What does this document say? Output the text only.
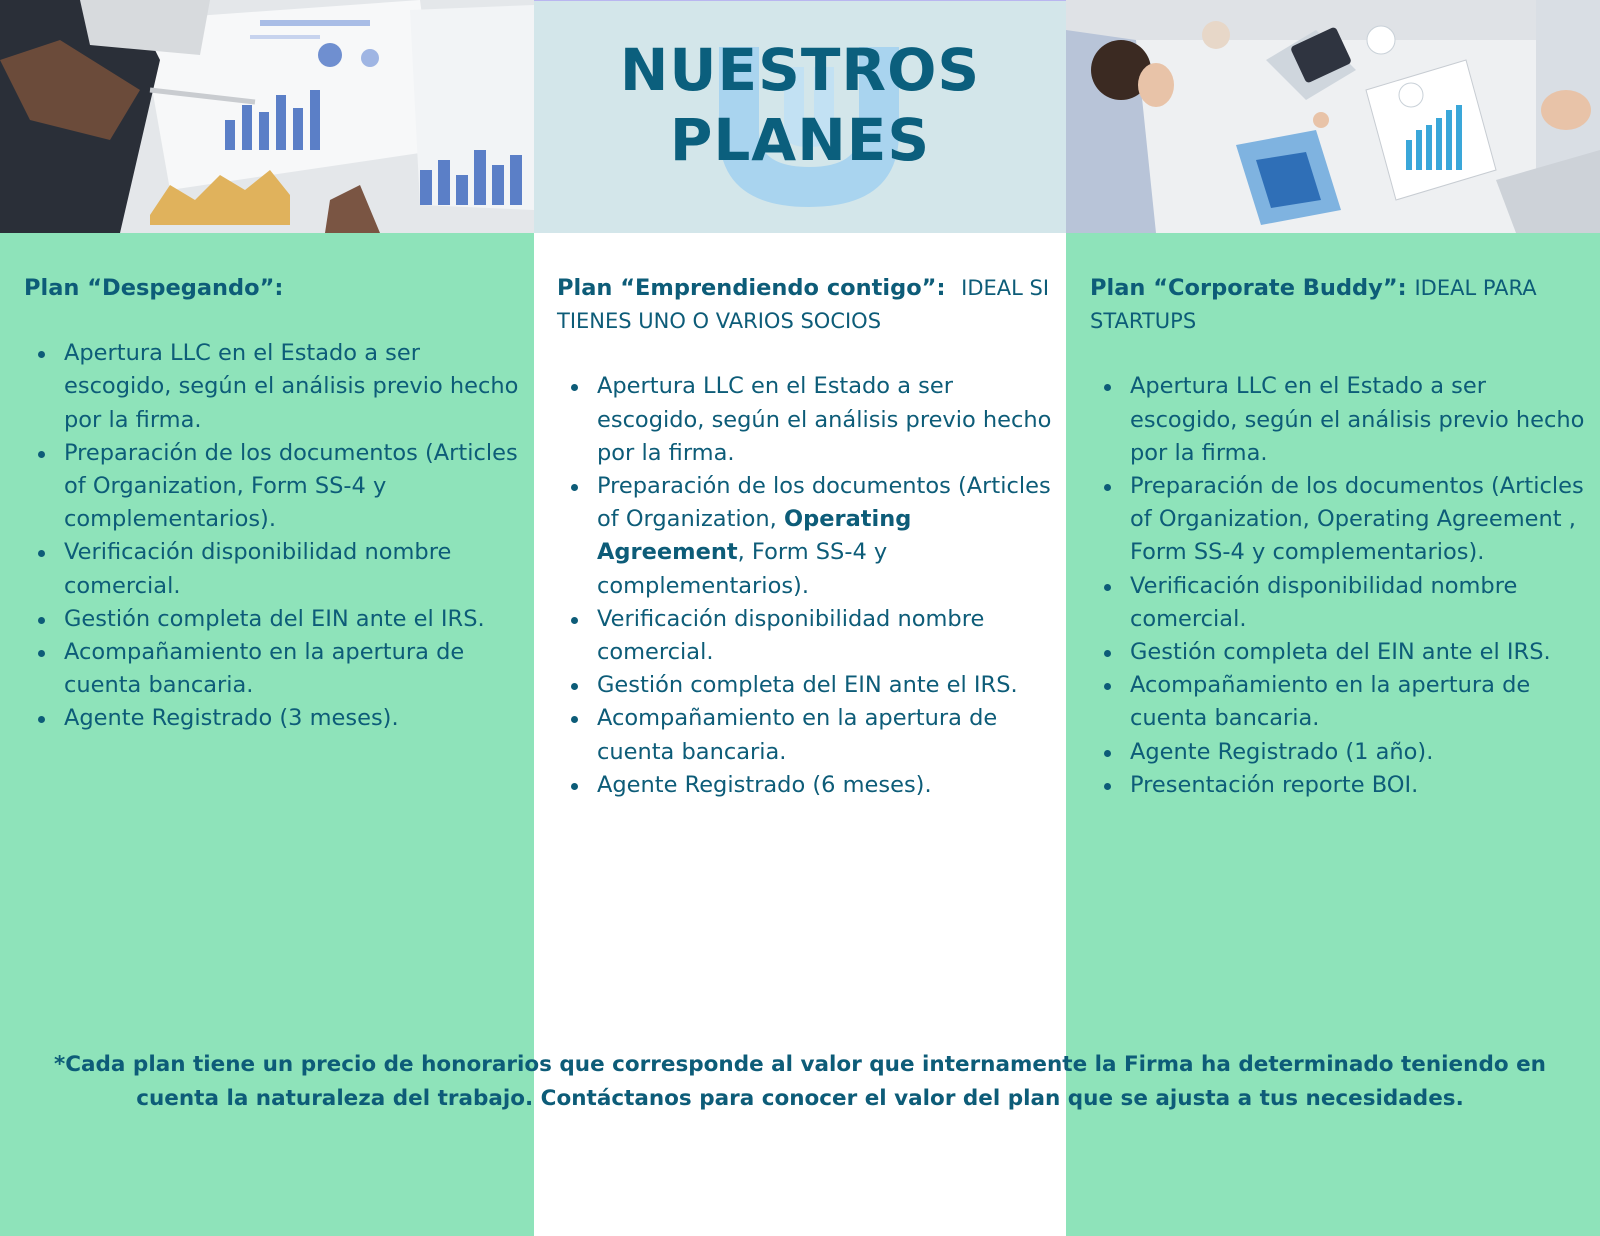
NUESTROS
PLANES
Plan “Despegando”:
Apertura LLC en el Estado a ser escogido, según el análisis previo hecho por la firma.
Preparación de los documentos (Articles of Organization, Form SS-4 y complementarios).
Verificación disponibilidad nombre comercial.
Gestión completa del EIN ante el IRS.
Acompañamiento en la apertura de cuenta bancaria.
Agente Registrado (3 meses).
Plan “Emprendiendo contigo”: IDEAL SI
TIENES UNO O VARIOS SOCIOS
Apertura LLC en el Estado a ser escogido, según el análisis previo hecho por la firma.
Preparación de los documentos (Articles of Organization, Operating Agreement, Form SS-4 y complementarios).
Verificación disponibilidad nombre comercial.
Gestión completa del EIN ante el IRS.
Acompañamiento en la apertura de cuenta bancaria.
Agente Registrado (6 meses).
Plan “Corporate Buddy”: IDEAL PARA
STARTUPS
Apertura LLC en el Estado a ser escogido, según el análisis previo hecho por la firma.
Preparación de los documentos (Articles of Organization, Operating Agreement , Form SS-4 y complementarios).
Verificación disponibilidad nombre comercial.
Gestión completa del EIN ante el IRS.
Acompañamiento en la apertura de cuenta bancaria.
Agente Registrado (1 año).
Presentación reporte BOI.
*Cada plan tiene un precio de honorarios que corresponde al valor que internamente la Firma ha determinado teniendo en cuenta la naturaleza del trabajo. Contáctanos para conocer el valor del plan que se ajusta a tus necesidades.
